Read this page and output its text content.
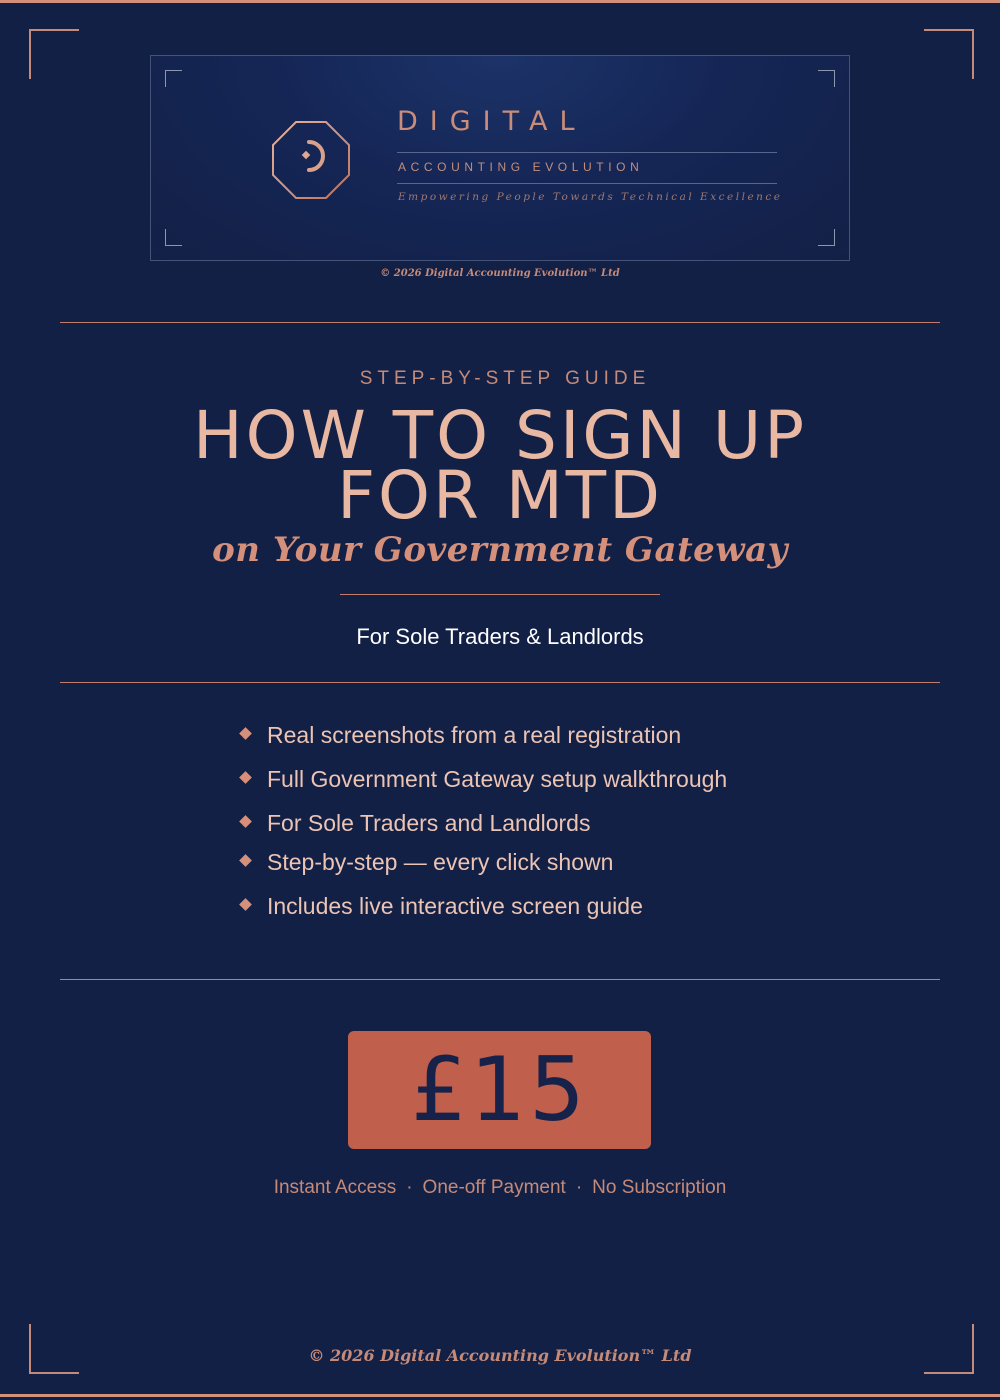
DIGITAL

ACCOUNTING EVOLUTION

Empowering People Towards Technical Excellence

© 2026 Digital Accounting Evolution™ Ltd
STEP-BY-STEP GUIDE
HOW TO SIGN UP
FOR MTD
on Your Government Gateway
For Sole Traders & Landlords
Real screenshots from a real registration
Full Government Gateway setup walkthrough
For Sole Traders and Landlords
Step-by-step — every click shown
Includes live interactive screen guide
£15
Instant Access · One-off Payment · No Subscription
© 2026 Digital Accounting Evolution™ Ltd
